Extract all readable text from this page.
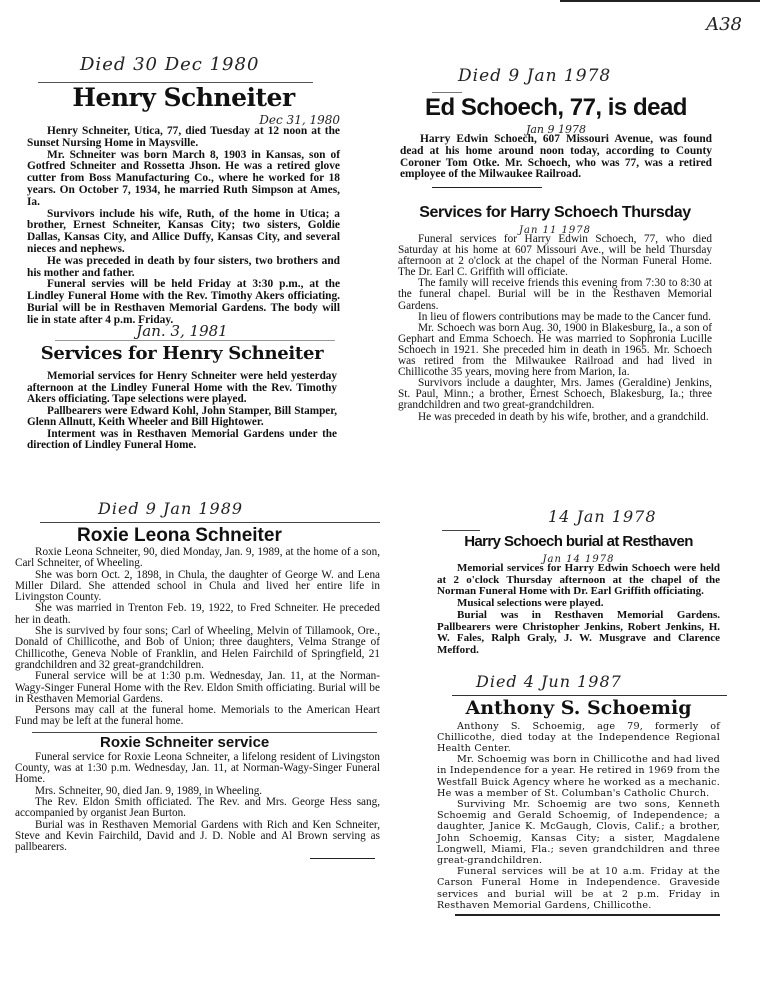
A38
Died 30 Dec 1980
Henry Schneiter
Dec 31, 1980

Henry Schneiter, Utica, 77, died Tuesday at 12 noon at the Sunset Nursing Home in Maysville.

Mr. Schneiter was born March 8, 1903 in Kansas, son of Gotfred Schneiter and Rossetta Jhson. He was a retired glove cutter from Boss Manufacturing Co., where he worked for 18 years. On October 7, 1934, he married Ruth Simpson at Ames, Ia.

Survivors include his wife, Ruth, of the home in Utica; a brother, Ernest Schneiter, Kansas City; two sisters, Goldie Dallas, Kansas City, and Allice Duffy, Kansas City, and several nieces and nephews.

He was preceded in death by four sisters, two brothers and his mother and father.

Funeral servies will be held Friday at 3:30 p.m., at the Lindley Funeral Home with the Rev. Timothy Akers officiating. Burial will be in Resthaven Memorial Gardens. The body will lie in state after 4 p.m. Friday.

Jan. 3, 1981
Services for Henry Schneiter

Memorial services for Henry Schneiter were held yesterday afternoon at the Lindley Funeral Home with the Rev. Timothy Akers officiating. Tape selections were played.

Pallbearers were Edward Kohl, John Stamper, Bill Stamper, Glenn Allnutt, Keith Wheeler and Bill Hightower.

Interment was in Resthaven Memorial Gardens under the direction of Lindley Funeral Home.

Died 9 Jan 1978
Ed Schoech, 77, is dead
Jan 9 1978

Harry Edwin Schoech, 607 Missouri Avenue, was found dead at his home around noon today, according to County Coroner Tom Otke. Mr. Schoech, who was 77, was a retired employee of the Milwaukee Railroad.

Services for Harry Schoech Thursday
Jan 11 1978

Funeral services for Harry Edwin Schoech, 77, who died Saturday at his home at 607 Missouri Ave., will be held Thursday afternoon at 2 o'clock at the chapel of the Norman Funeral Home. The Dr. Earl C. Griffith will officiate.

The family will receive friends this evening from 7:30 to 8:30 at the funeral chapel. Burial will be in the Resthaven Memorial Gardens.

In lieu of flowers contributions may be made to the Cancer fund.

Mr. Schoech was born Aug. 30, 1900 in Blakesburg, Ia., a son of Gephart and Emma Schoech. He was married to Sophronia Lucille Schoech in 1921. She preceded him in death in 1965. Mr. Schoech was retired from the Milwaukee Railroad and had lived in Chillicothe 35 years, moving here from Marion, Ia.

Survivors include a daughter, Mrs. James (Geraldine) Jenkins, St. Paul, Minn.; a brother, Ernest Schoech, Blakesburg, Ia.; three grandchildren and two great-grandchildren.

He was preceded in death by his wife, brother, and a grandchild.

Died 9 Jan 1989
Roxie Leona Schneiter

Roxie Leona Schneiter, 90, died Monday, Jan. 9, 1989, at the home of a son, Carl Schneiter, of Wheeling.

She was born Oct. 2, 1898, in Chula, the daughter of George W. and Lena Miller Dilard. She attended school in Chula and lived her entire life in Livingston County.

She was married in Trenton Feb. 19, 1922, to Fred Schneiter. He preceded her in death.

She is survived by four sons; Carl of Wheeling, Melvin of Tillamook, Ore., Donald of Chillicothe, and Bob of Union; three daughters, Velma Strange of Chillicothe, Geneva Noble of Franklin, and Helen Fairchild of Springfield, 21 grandchildren and 32 great-grandchildren.

Funeral service will be at 1:30 p.m. Wednesday, Jan. 11, at the Norman-Wagy-Singer Funeral Home with the Rev. Eldon Smith officiating. Burial will be in Resthaven Memorial Gardens.

Persons may call at the funeral home. Memorials to the American Heart Fund may be left at the funeral home.

Roxie Schneiter service

Funeral service for Roxie Leona Schneiter, a lifelong resident of Livingston County, was at 1:30 p.m. Wednesday, Jan. 11, at Norman-Wagy-Singer Funeral Home.

Mrs. Schneiter, 90, died Jan. 9, 1989, in Wheeling.

The Rev. Eldon Smith officiated. The Rev. and Mrs. George Hess sang, accompanied by organist Jean Burton.

Burial was in Resthaven Memorial Gardens with Rich and Ken Schneiter, Steve and Kevin Fairchild, David and J. D. Noble and Al Brown serving as pallbearers.

14 Jan 1978
Harry Schoech burial at Resthaven
Jan 14 1978

Memorial services for Harry Edwin Schoech were held at 2 o'clock Thursday afternoon at the chapel of the Norman Funeral Home with Dr. Earl Griffith officiating.

Musical selections were played.

Burial was in Resthaven Memorial Gardens. Pallbearers were Christopher Jenkins, Robert Jenkins, H. W. Fales, Ralph Graly, J. W. Musgrave and Clarence Mefford.

Died 4 Jun 1987
Anthony S. Schoemig

Anthony S. Schoemig, age 79, formerly of Chillicothe, died today at the Independence Regional Health Center.

Mr. Schoemig was born in Chillicothe and had lived in Independence for a year. He retired in 1969 from the Westfall Buick Agency where he worked as a mechanic. He was a member of St. Columban's Catholic Church.

Surviving Mr. Schoemig are two sons, Kenneth Schoemig and Gerald Schoemig, of Independence; a daughter, Janice K. McGaugh, Clovis, Calif.; a brother, John Schoemig, Kansas City; a sister, Magdalene Longwell, Miami, Fla.; seven grandchildren and three great-grandchildren.

Funeral services will be at 10 a.m. Friday at the Carson Funeral Home in Independence. Graveside services and burial will be at 2 p.m. Friday in Resthaven Memorial Gardens, Chillicothe.
